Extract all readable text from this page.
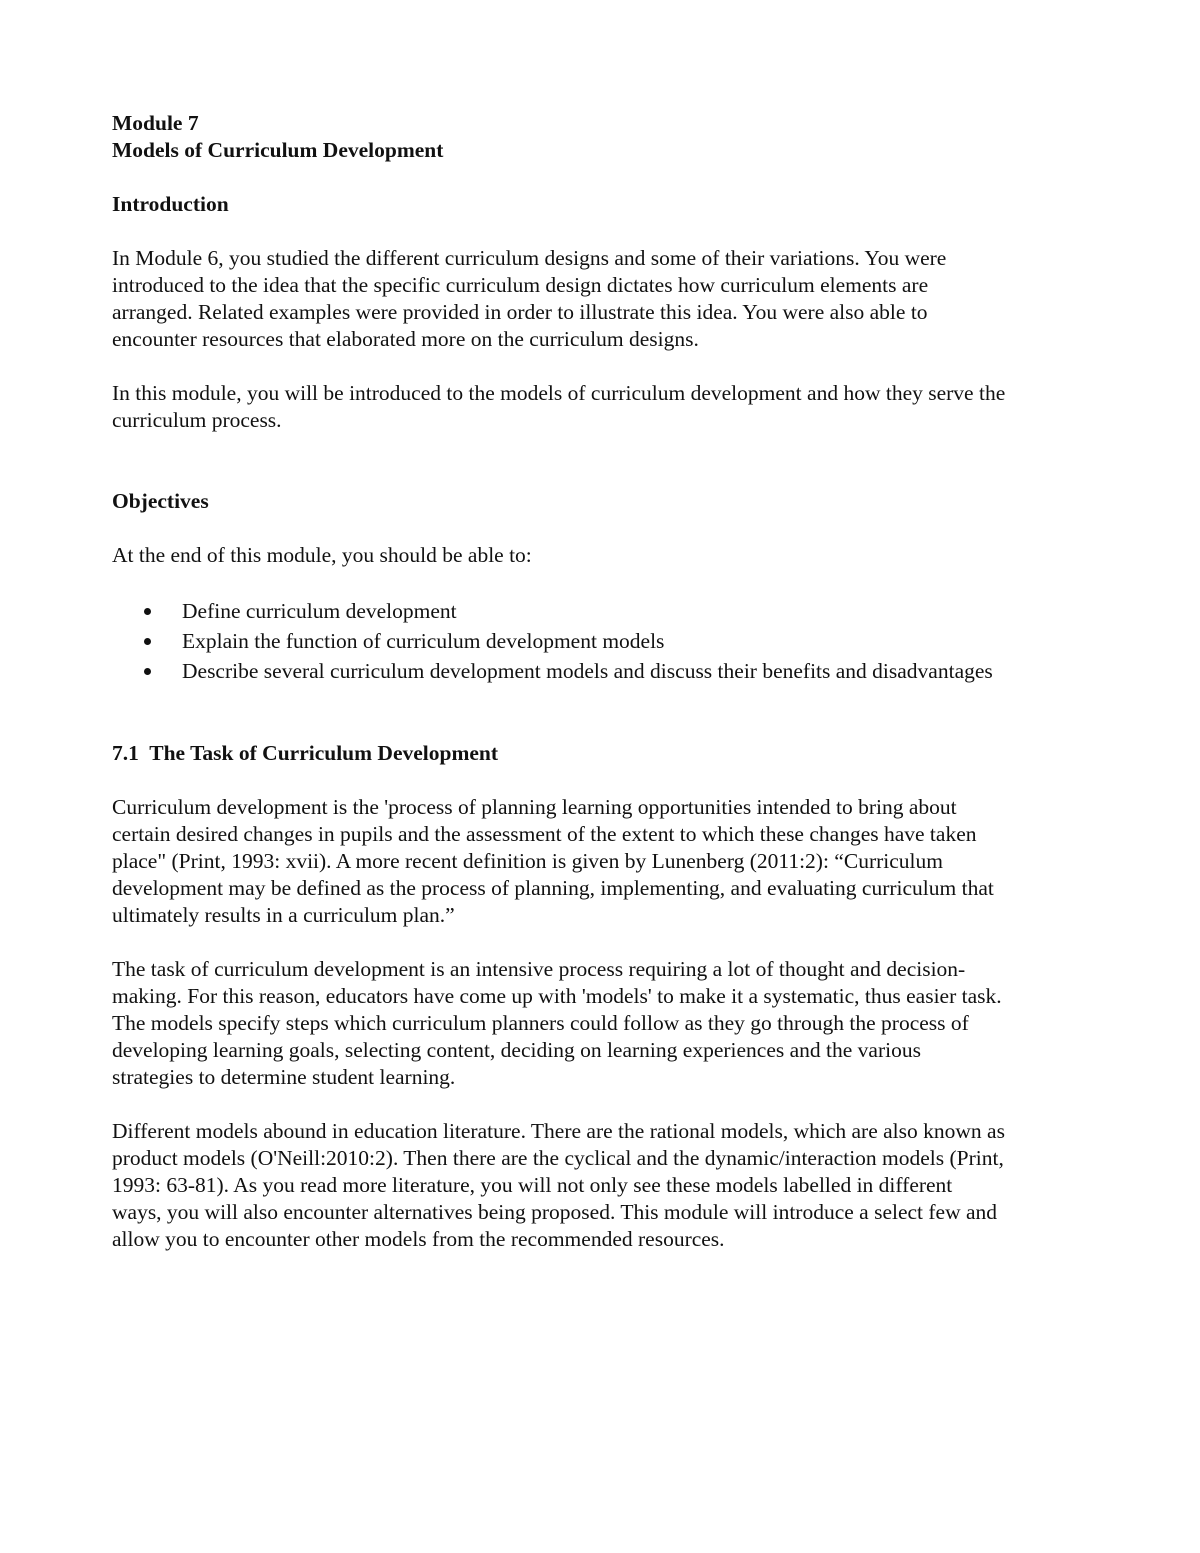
Module 7

Models of Curriculum Development

Introduction

In Module 6, you studied the different curriculum designs and some of their variations. You were

introduced to the idea that the specific curriculum design dictates how curriculum elements are

arranged. Related examples were provided in order to illustrate this idea. You were also able to

encounter resources that elaborated more on the curriculum designs.

In this module, you will be introduced to the models of curriculum development and how they serve the

curriculum process.

Objectives

At the end of this module, you should be able to:

Define curriculum development
Explain the function of curriculum development models
Describe several curriculum development models and discuss their benefits and disadvantages

7.1  The Task of Curriculum Development

Curriculum development is the 'process of planning learning opportunities intended to bring about

certain desired changes in pupils and the assessment of the extent to which these changes have taken

place" (Print, 1993: xvii). A more recent definition is given by Lunenberg (2011:2): “Curriculum

development may be defined as the process of planning, implementing, and evaluating curriculum that

ultimately results in a curriculum plan.”

The task of curriculum development is an intensive process requiring a lot of thought and decision-

making. For this reason, educators have come up with 'models' to make it a systematic, thus easier task.

The models specify steps which curriculum planners could follow as they go through the process of

developing learning goals, selecting content, deciding on learning experiences and the various

strategies to determine student learning.

Different models abound in education literature. There are the rational models, which are also known as

product models (O'Neill:2010:2). Then there are the cyclical and the dynamic/interaction models (Print,

1993: 63-81). As you read more literature, you will not only see these models labelled in different

ways, you will also encounter alternatives being proposed. This module will introduce a select few and

allow you to encounter other models from the recommended resources.
